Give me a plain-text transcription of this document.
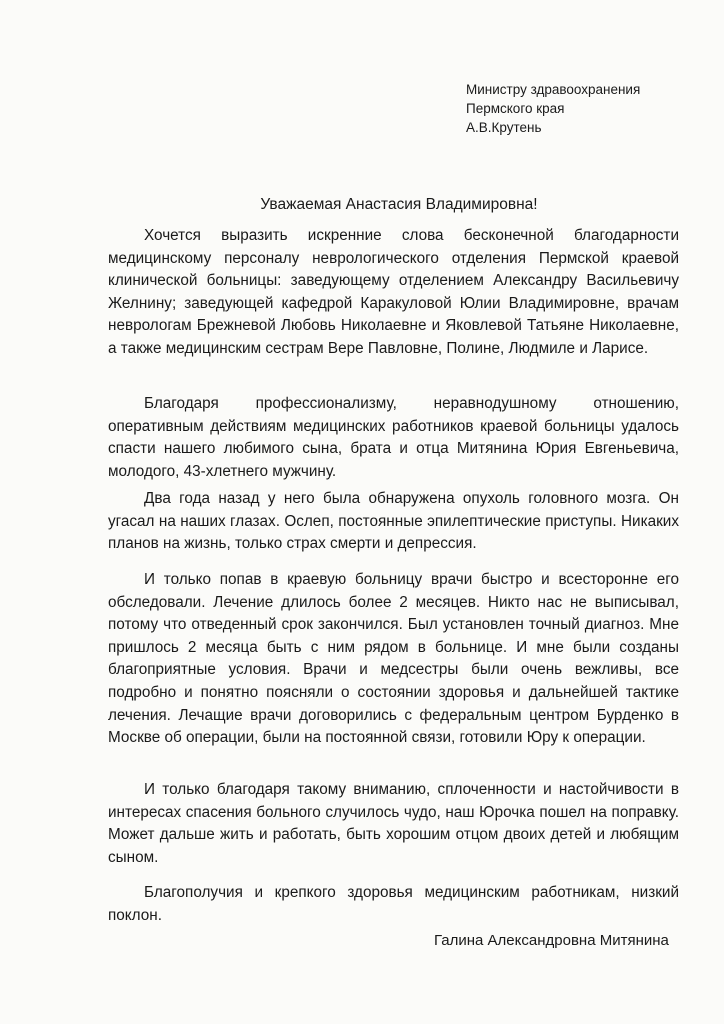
Министру здравоохранения
Пермского края
А.В.Крутень
Уважаемая Анастасия Владимировна!

Хочется выразить искренние слова бесконечной благодарности медицинскому персоналу неврологического отделения Пермской краевой клинической больницы: заведующему отделением Александру Васильевичу Желнину; заведующей кафедрой Каракуловой Юлии Владимировне, врачам неврологам Брежневой Любовь Николаевне и Яковлевой Татьяне Николаевне, а также медицинским сестрам Вере Павловне, Полине, Людмиле и Ларисе.

Благодаря профессионализму, неравнодушному отношению, оперативным действиям медицинских работников краевой больницы удалось спасти нашего любимого сына, брата и отца Митянина Юрия Евгеньевича, молодого, 43-хлетнего мужчину.

Два года назад у него была обнаружена опухоль головного мозга. Он угасал на наших глазах. Ослеп, постоянные эпилептические приступы. Никаких планов на жизнь, только страх смерти и депрессия.

И только попав в краевую больницу врачи быстро и всесторонне его обследовали. Лечение длилось более 2 месяцев. Никто нас не выписывал, потому что отведенный срок закончился. Был установлен точный диагноз. Мне пришлось 2 месяца быть с ним рядом в больнице. И мне были созданы благоприятные условия. Врачи и медсестры были очень вежливы, все подробно и понятно поясняли о состоянии здоровья и дальнейшей тактике лечения. Лечащие врачи договорились с федеральным центром Бурденко в Москве об операции, были на постоянной связи, готовили Юру к операции.

И только благодаря такому вниманию, сплоченности и настойчивости в интересах спасения больного случилось чудо, наш Юрочка пошел на поправку. Может дальше жить и работать, быть хорошим отцом двоих детей и любящим сыном.

Благополучия и крепкого здоровья медицинским работникам, низкий поклон.

Галина Александровна Митянина
